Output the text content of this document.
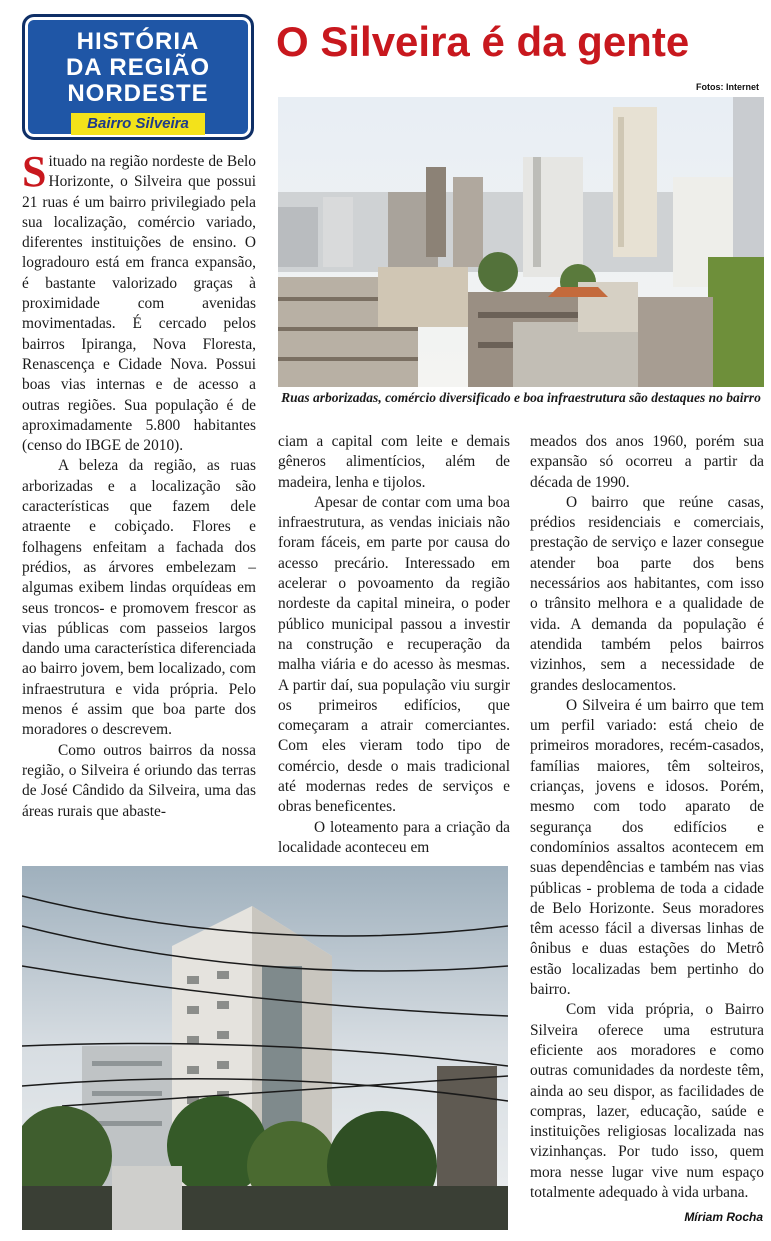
HISTÓRIA
DA REGIÃO
NORDESTE
Bairro Silveira
O Silveira é da gente
Fotos: Internet
Ruas arborizadas, comércio diversificado e boa infraestrutura são destaques no bairro

Situado na região nordeste de Belo Horizonte, o Silveira que possui 21 ruas é um bairro privilegiado pela sua localização, comércio variado, diferentes instituições de ensino. O logradouro está em franca expansão, é bastante valorizado graças à proximidade com avenidas movimentadas. É cercado pelos bairros Ipiranga, Nova Floresta, Renascença e Cidade Nova. Possui boas vias internas e de acesso a outras regiões. Sua população é de aproximadamente 5.800 habitantes (censo do IBGE de 2010).

A beleza da região, as ruas arborizadas e a localização são características que fazem dele atraente e cobiçado. Flores e folhagens enfeitam a fachada dos prédios, as árvores embelezam – algumas exibem lindas orquídeas em seus troncos- e promovem frescor as vias públicas com passeios largos dando uma característica diferenciada ao bairro jovem, bem localizado, com infraestrutura e vida própria. Pelo menos é assim que boa parte dos moradores o descrevem.

Como outros bairros da nossa região, o Silveira é oriundo das terras de José Cândido da Silveira, uma das áreas rurais que abaste-

ciam a capital com leite e demais gêneros alimentícios, além de madeira, lenha e tijolos.

Apesar de contar com uma boa infraestrutura, as vendas iniciais não foram fáceis, em parte por causa do acesso precário. Interessado em acelerar o povoamento da região nordeste da capital mineira, o poder público municipal passou a investir na construção e recuperação da malha viária e do acesso às mesmas. A partir daí, sua população viu surgir os primeiros edifícios, que começaram a atrair comerciantes. Com eles vieram todo tipo de comércio, desde o mais tradicional até modernas redes de serviços e obras beneficentes.

O loteamento para a criação da localidade aconteceu em

meados dos anos 1960, porém sua expansão só ocorreu a partir da década de 1990.

O bairro que reúne casas, prédios residenciais e comerciais, prestação de serviço e lazer consegue atender boa parte dos bens necessários aos habitantes, com isso o trânsito melhora e a qualidade de vida. A demanda da população é atendida também pelos bairros vizinhos, sem a necessidade de grandes deslocamentos.

O Silveira é um bairro que tem um perfil variado: está cheio de primeiros moradores, recém-casados, famílias maiores, têm solteiros, crianças, jovens e idosos. Porém, mesmo com todo aparato de segurança dos edifícios e condomínios assaltos acontecem em suas dependências e também nas vias públicas - problema de toda a cidade de Belo Horizonte. Seus moradores têm acesso fácil a diversas linhas de ônibus e duas estações do Metrô estão localizadas bem pertinho do bairro.

Com vida própria, o Bairro Silveira oferece uma estrutura eficiente aos moradores e como outras comunidades da nordeste têm, ainda ao seu dispor, as facilidades de compras, lazer, educação, saúde e instituições religiosas localizada nas vizinhanças. Por tudo isso, quem mora nesse lugar vive num espaço totalmente adequado à vida urbana.

Míriam Rocha
